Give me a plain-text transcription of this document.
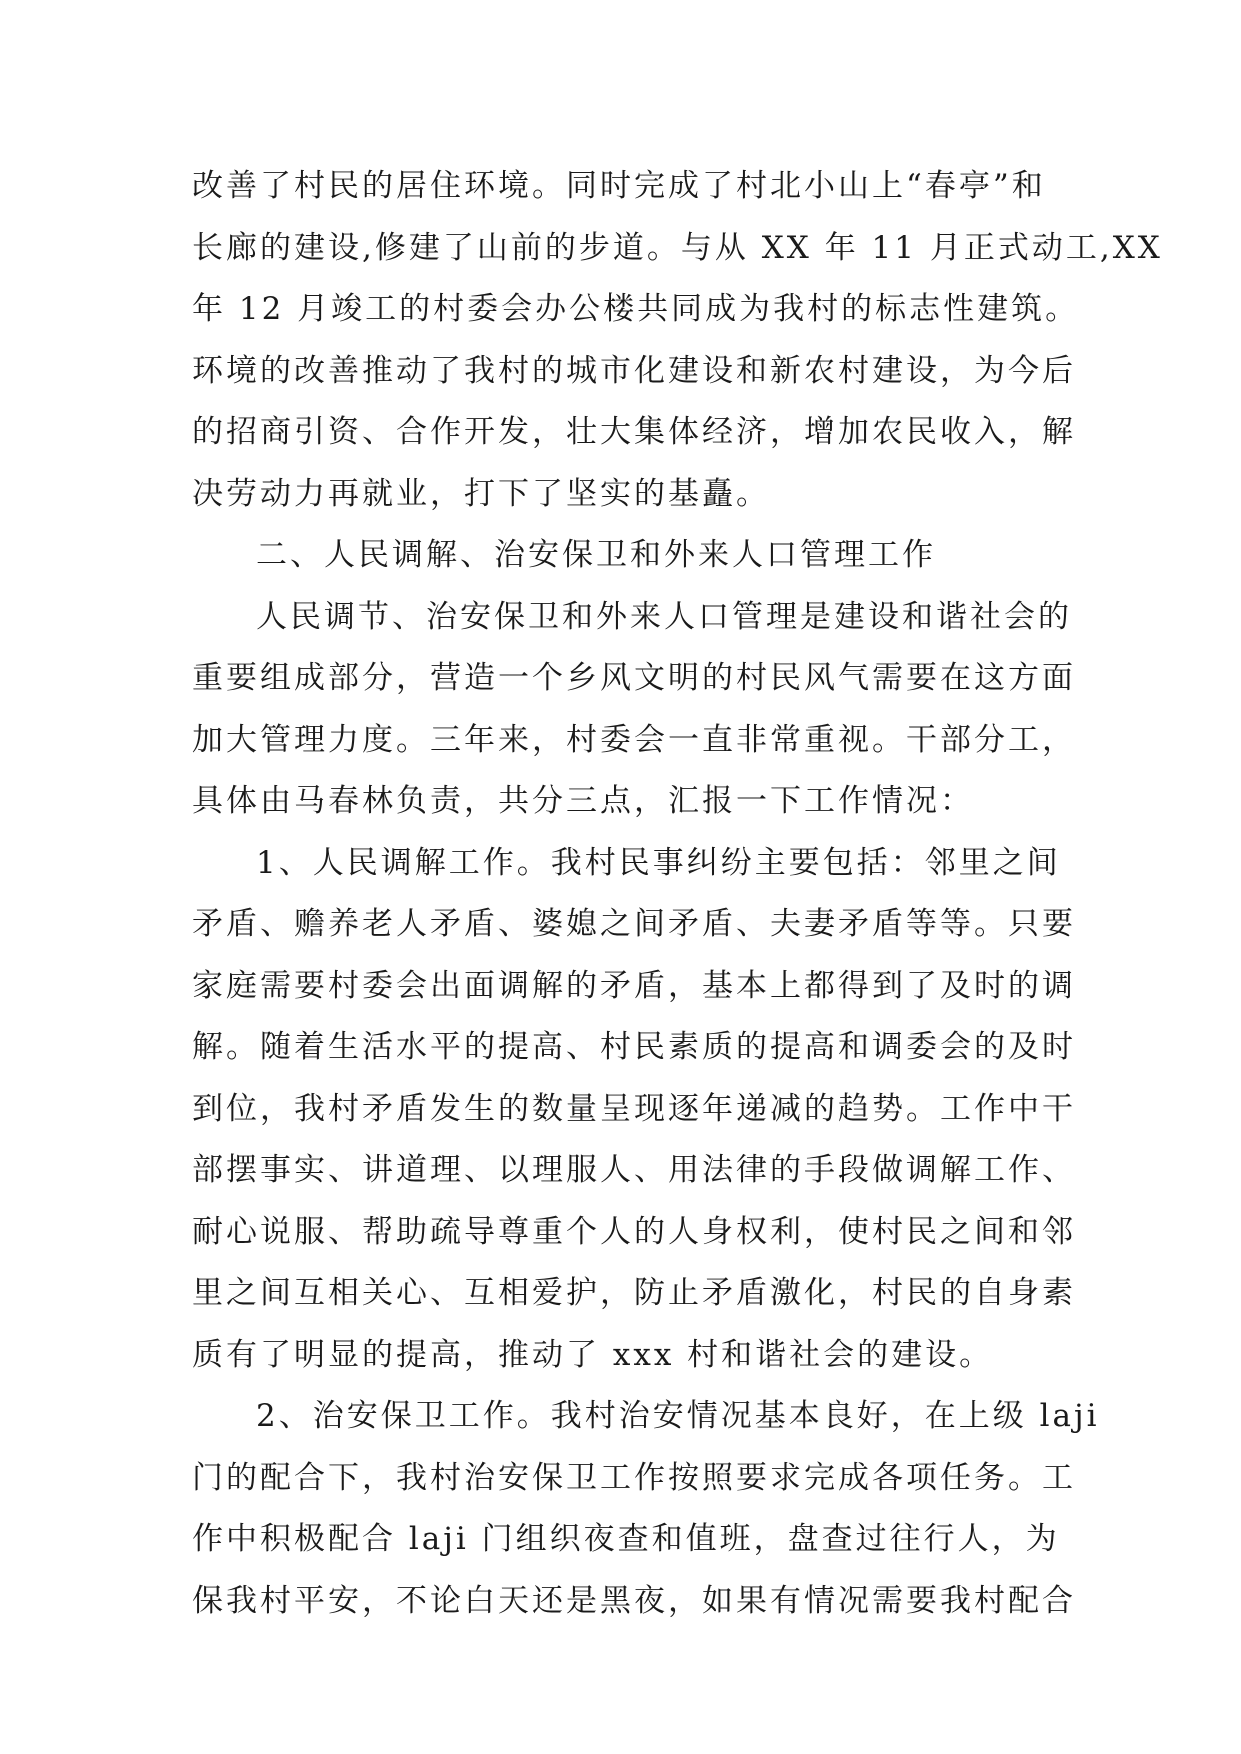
改善了村民的居住环境。同时完成了村北小山上“春亭”和
长廊的建设,修建了山前的步道。与从 XX 年 11 月正式动工,XX
年 12 月竣工的村委会办公楼共同成为我村的标志性建筑。
环境的改善推动了我村的城市化建设和新农村建设，为今后
的招商引资、合作开发，壮大集体经济，增加农民收入，解
决劳动力再就业，打下了坚实的基矗。
二、人民调解、治安保卫和外来人口管理工作
人民调节、治安保卫和外来人口管理是建设和谐社会的
重要组成部分，营造一个乡风文明的村民风气需要在这方面
加大管理力度。三年来，村委会一直非常重视。干部分工，
具体由马春林负责，共分三点，汇报一下工作情况：
1、人民调解工作。我村民事纠纷主要包括：邻里之间
矛盾、赡养老人矛盾、婆媳之间矛盾、夫妻矛盾等等。只要
家庭需要村委会出面调解的矛盾，基本上都得到了及时的调
解。随着生活水平的提高、村民素质的提高和调委会的及时
到位，我村矛盾发生的数量呈现逐年递减的趋势。工作中干
部摆事实、讲道理、以理服人、用法律的手段做调解工作、
耐心说服、帮助疏导尊重个人的人身权利，使村民之间和邻
里之间互相关心、互相爱护，防止矛盾激化，村民的自身素
质有了明显的提高，推动了 xxx 村和谐社会的建设。
2、治安保卫工作。我村治安情况基本良好，在上级 laji
门的配合下，我村治安保卫工作按照要求完成各项任务。工
作中积极配合 laji 门组织夜查和值班，盘查过往行人，为
保我村平安，不论白天还是黑夜，如果有情况需要我村配合
